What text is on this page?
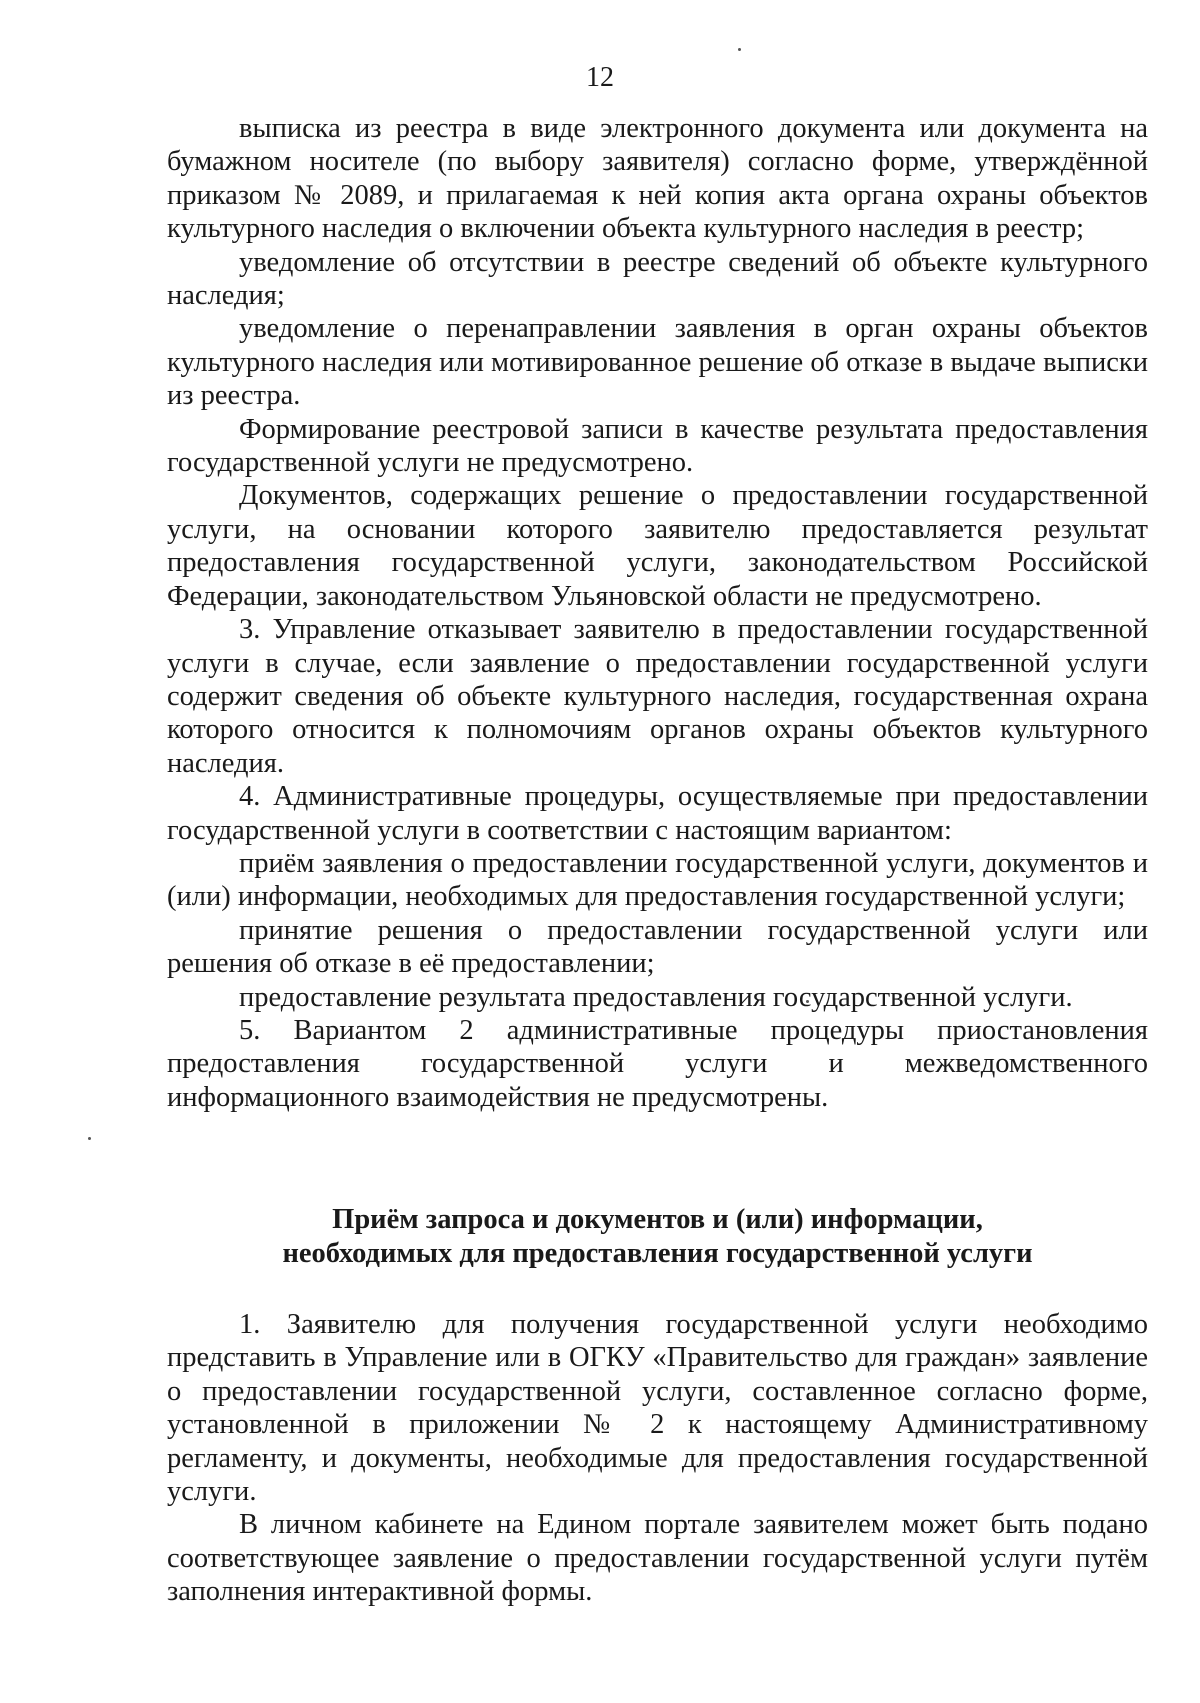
12

выписка из реестра в виде электронного документа или документа на бумажном носителе (по выбору заявителя) согласно форме, утверждённой приказом № 2089, и прилагаемая к ней копия акта органа охраны объектов культурного наследия о включении объекта культурного наследия в реестр;

уведомление об отсутствии в реестре сведений об объекте культурного наследия;

уведомление о перенаправлении заявления в орган охраны объектов культурного наследия или мотивированное решение об отказе в выдаче выписки из реестра.

Формирование реестровой записи в качестве результата предоставления государственной услуги не предусмотрено.

Документов, содержащих решение о предоставлении государственной услуги, на основании которого заявителю предоставляется результат предоставления государственной услуги, законодательством Российской Федерации, законодательством Ульяновской области не предусмотрено.

3. Управление отказывает заявителю в предоставлении государственной услуги в случае, если заявление о предоставлении государственной услуги содержит сведения об объекте культурного наследия, государственная охрана которого относится к полномочиям органов охраны объектов культурного наследия.

4. Административные процедуры, осуществляемые при предоставлении государственной услуги в соответствии с настоящим вариантом:

приём заявления о предоставлении государственной услуги, документов и (или) информации, необходимых для предоставления государственной услуги;

принятие решения о предоставлении государственной услуги или решения об отказе в её предоставлении;

предоставление результата предоставления государственной услуги.

5. Вариантом 2 административные процедуры приостановления предоставления государственной услуги и межведомственного информационного взаимодействия не предусмотрены.

Приём запроса и документов и (или) информации,
необходимых для предоставления государственной услуги

1. Заявителю для получения государственной услуги необходимо представить в Управление или в ОГКУ «Правительство для граждан» заявление о предоставлении государственной услуги, составленное согласно форме, установленной в приложении № 2 к настоящему Административному регламенту, и документы, необходимые для предоставления государственной услуги.

В личном кабинете на Едином портале заявителем может быть подано соответствующее заявление о предоставлении государственной услуги путём заполнения интерактивной формы.
